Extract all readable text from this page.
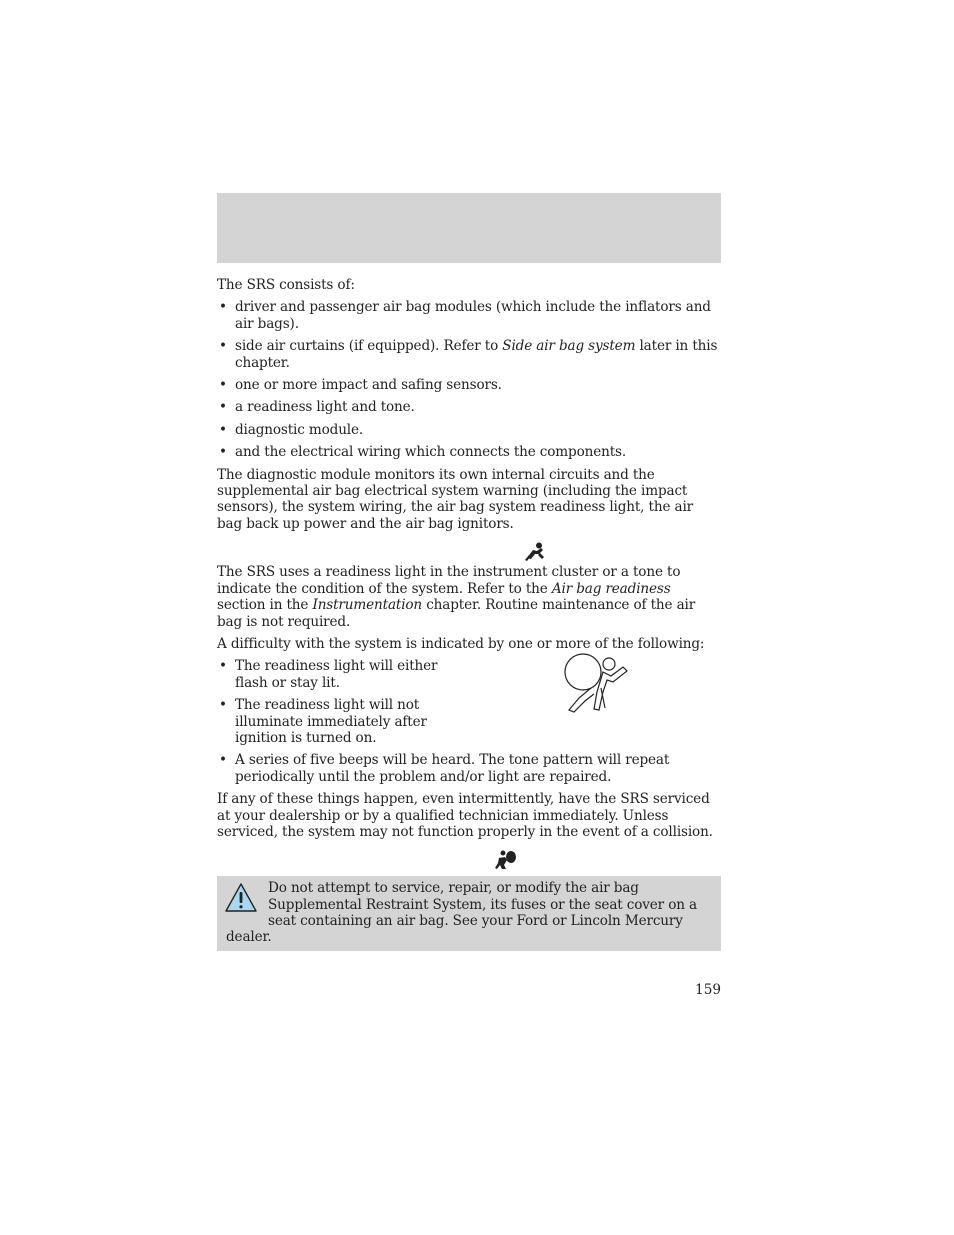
The SRS consists of:

• driver and passenger air bag modules (which include the inflators and air bags).
• side air curtains (if equipped). Refer to Side air bag system later in this chapter.
• one or more impact and safing sensors.
• a readiness light and tone.
• diagnostic module.
• and the electrical wiring which connects the components.

The diagnostic module monitors its own internal circuits and the supplemental air bag electrical system warning (including the impact sensors), the system wiring, the air bag system readiness light, the air bag back up power and the air bag ignitors.

The SRS uses a readiness light in the instrument cluster or a tone to indicate the condition of the system. Refer to the Air bag readiness section in the Instrumentation chapter. Routine maintenance of the air bag is not required.

A difficulty with the system is indicated by one or more of the following:

• The readiness light will either flash or stay lit.
• The readiness light will not illuminate immediately after ignition is turned on.
• A series of five beeps will be heard. The tone pattern will repeat periodically until the problem and/or light are repaired.

If any of these things happen, even intermittently, have the SRS serviced at your dealership or by a qualified technician immediately. Unless serviced, the system may not function properly in the event of a collision.

Do not attempt to service, repair, or modify the air bag Supplemental Restraint System, its fuses or the seat cover on a seat containing an air bag. See your Ford or Lincoln Mercury dealer.

159
